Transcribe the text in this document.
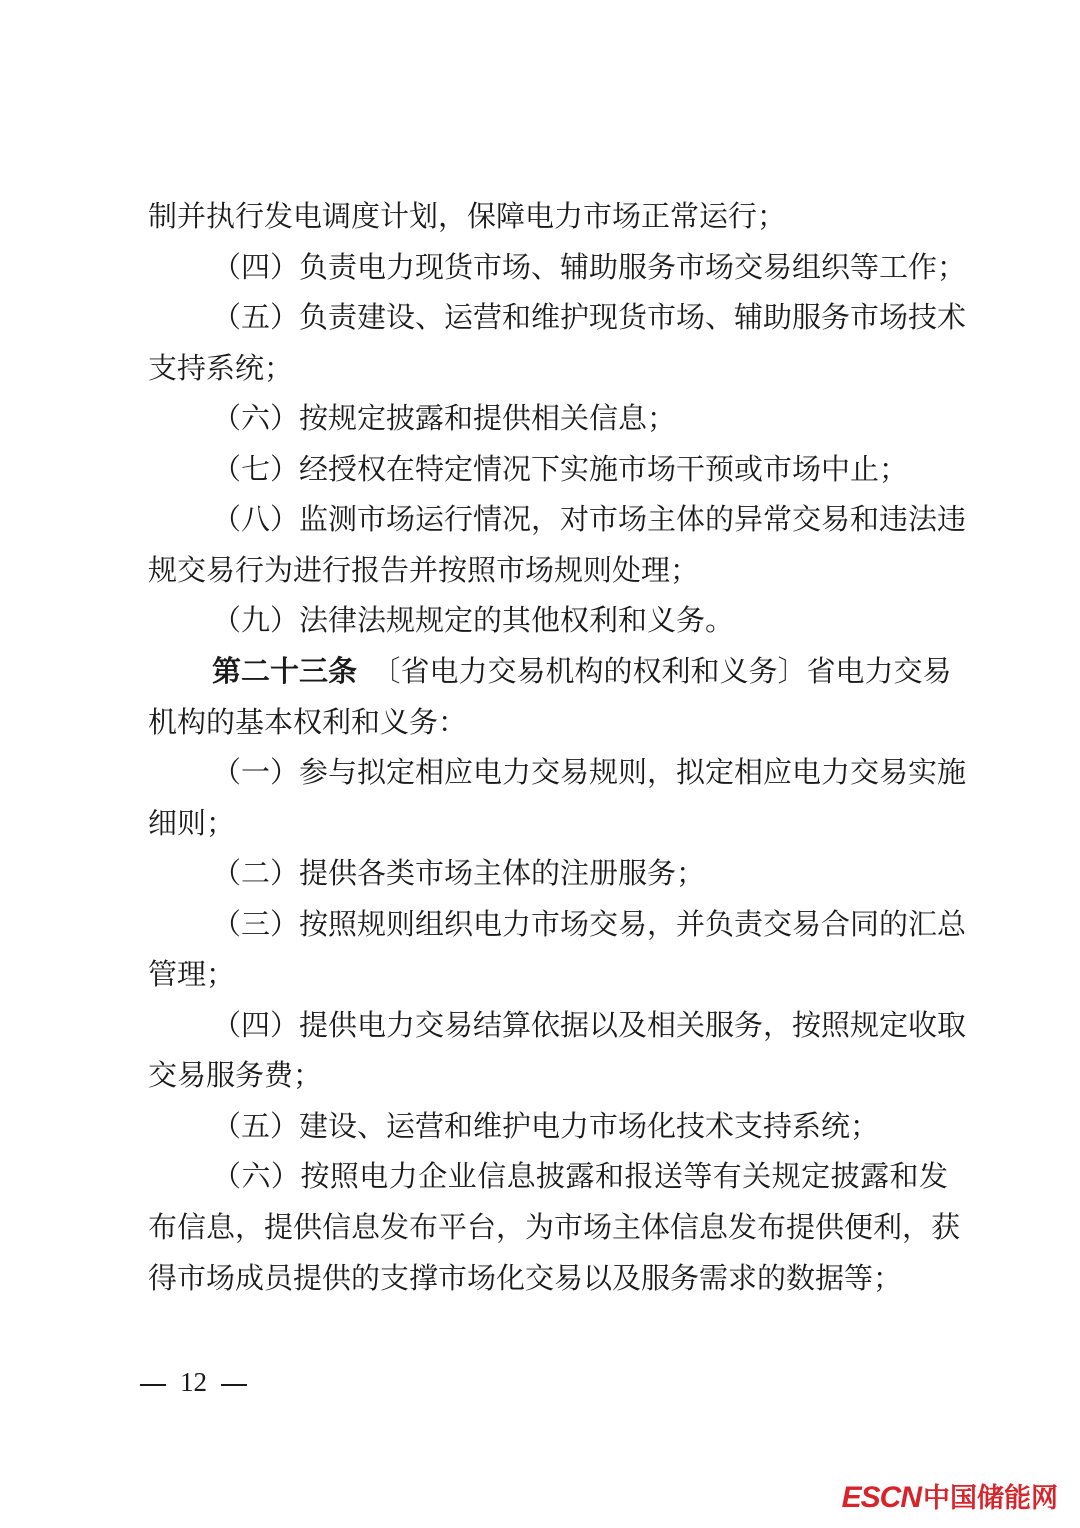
制并执行发电调度计划，保障电力市场正常运行；
（四）负责电力现货市场、辅助服务市场交易组织等工作；
（五）负责建设、运营和维护现货市场、辅助服务市场技术
支持系统；
（六）按规定披露和提供相关信息；
（七）经授权在特定情况下实施市场干预或市场中止；
（八）监测市场运行情况，对市场主体的异常交易和违法违
规交易行为进行报告并按照市场规则处理；
（九）法律法规规定的其他权利和义务。
第二十三条　 〔省电力交易机构的权利和义务〕省电力交易
机构的基本权利和义务：
（一）参与拟定相应电力交易规则，拟定相应电力交易实施
细则；
（二）提供各类市场主体的注册服务；
（三）按照规则组织电力市场交易，并负责交易合同的汇总
管理；
（四）提供电力交易结算依据以及相关服务，按照规定收取
交易服务费；
（五）建设、运营和维护电力市场化技术支持系统；
（六）按照电力企业信息披露和报送等有关规定披露和发
布信息，提供信息发布平台，为市场主体信息发布提供便利，获
得市场成员提供的支撑市场化交易以及服务需求的数据等；
12
ESCN中国储能网
